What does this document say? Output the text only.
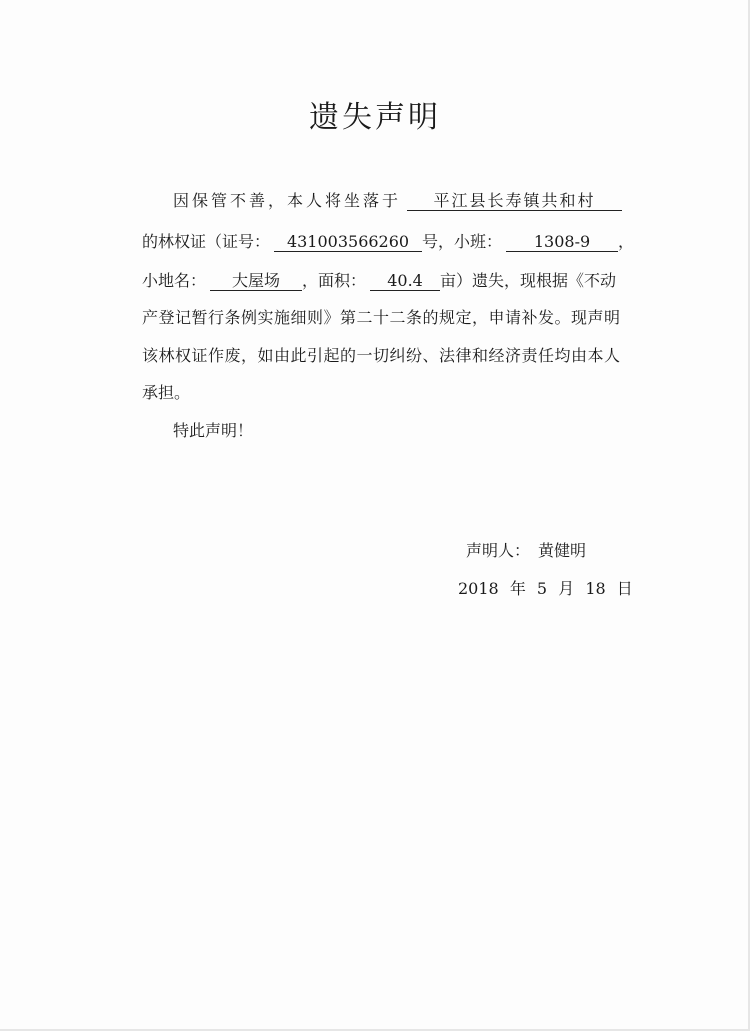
遗失声明
因保管不善，本人将坐落于 平江县长寿镇共和村
的林权证（证号： 431003566260 号，小班： 1308-9 ，
小地名： 大屋场 ，面积： 40.4 亩）遗失，现根据《不动
产登记暂行条例实施细则》第二十二条的规定，申请补发。现声明
该林权证作废，如由此引起的一切纠纷、法律和经济责任均由本人
承担。
特此声明！
声明人： 黄健明
2018 年 5 月 18 日
